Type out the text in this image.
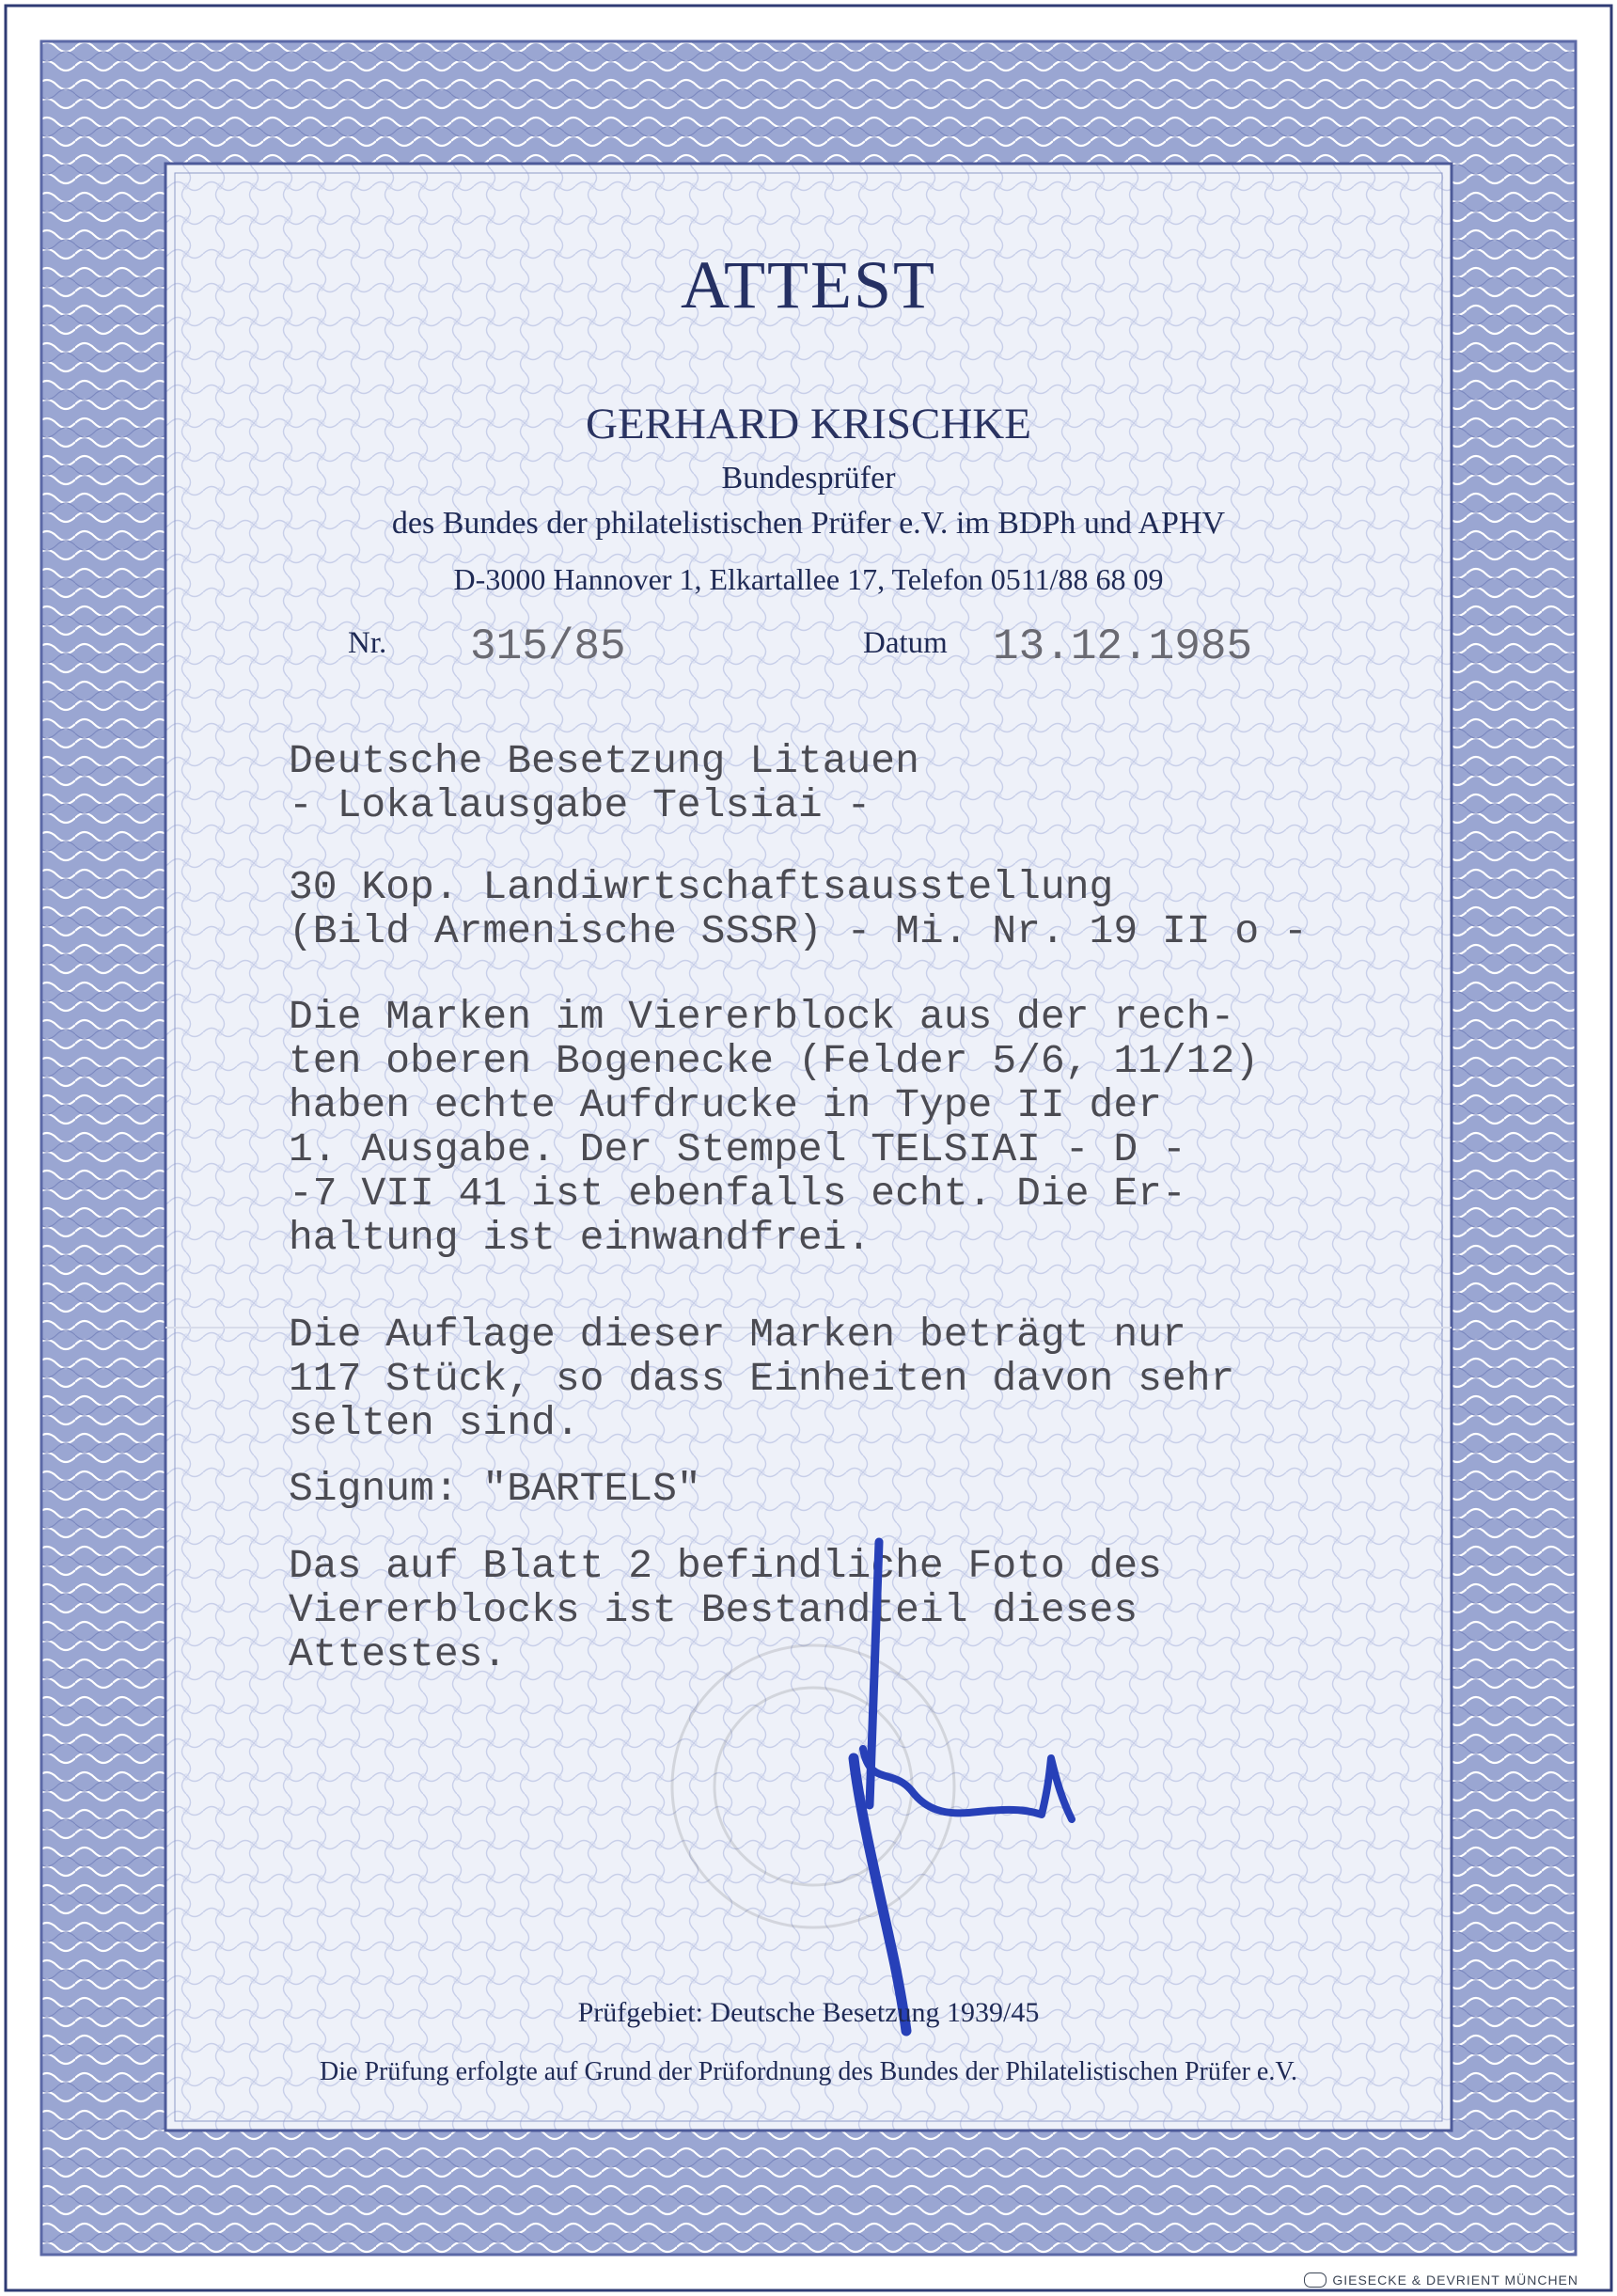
ATTEST
GERHARD KRISCHKE
Bundesprüfer
des Bundes der philatelistischen Prüfer e.V. im BDPh und APHV
D-3000 Hannover 1, Elkartallee 17, Telefon 0511/88 68 09
Nr. 315/85	Datum 13.12.1985
Deutsche Besetzung Litauen
- Lokalausgabe Telsiai -
30 Kop. Landiwrtschaftsausstellung
(Bild Armenische SSSR) - Mi. Nr. 19 II o -
Die Marken im Viererblock aus der rech-
ten oberen Bogenecke (Felder 5/6, 11/12)
haben echte Aufdrucke in Type II der
1. Ausgabe. Der Stempel TELSIAI - D -
-7 VII 41 ist ebenfalls echt. Die Er-
haltung ist einwandfrei.
Die Auflage dieser Marken beträgt nur
117 Stück, so dass Einheiten davon sehr
selten sind.
Signum: "BARTELS"
Das auf Blatt 2 befindliche Foto des
Viererblocks ist Bestandteil dieses
Attestes.
Prüfgebiet: Deutsche Besetzung 1939/45
Die Prüfung erfolgte auf Grund der Prüfordnung des Bundes der Philatelistischen Prüfer e.V.
GIESECKE & DEVRIENT MÜNCHEN
